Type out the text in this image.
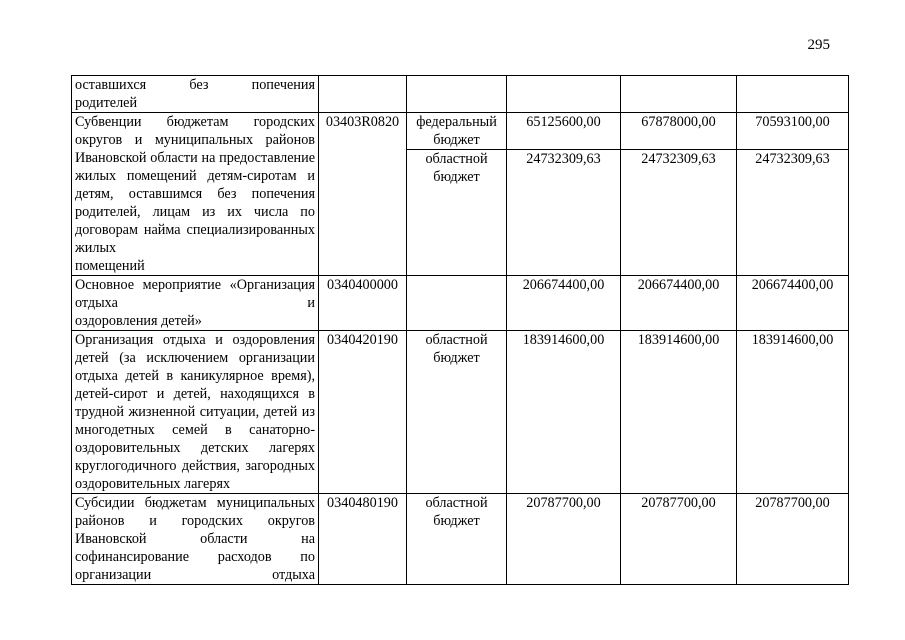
295
оставшихся без попечения
родителей					

Субвенции бюджетам городских округов и муниципальных районов Ивановской области на предоставление жилых помещений детям-сиротам и детям, оставшимся без попечения родителей, лицам из их числа по договорам найма специализированных жилых
помещений	03403R0820	федеральный бюджет	65125600,00	67878000,00	70593100,00
		областной бюджет	24732309,63	24732309,63	24732309,63
Основное мероприятие «Организация отдыха и
оздоровления детей»	0340400000		206674400,00	206674400,00	206674400,00
Организация отдыха и оздоровления детей (за исключением организации отдыха детей в каникулярное время), детей-сирот и детей, находящихся в трудной жизненной ситуации, детей из многодетных семей в санаторно-оздоровительных детских лагерях круглогодичного действия, загородных
оздоровительных лагерях	0340420190	областной бюджет	183914600,00	183914600,00	183914600,00
Субсидии бюджетам муниципальных районов и городских округов Ивановской области на софинансирование расходов по организации отдыха	0340480190	областной бюджет	20787700,00	20787700,00	20787700,00
